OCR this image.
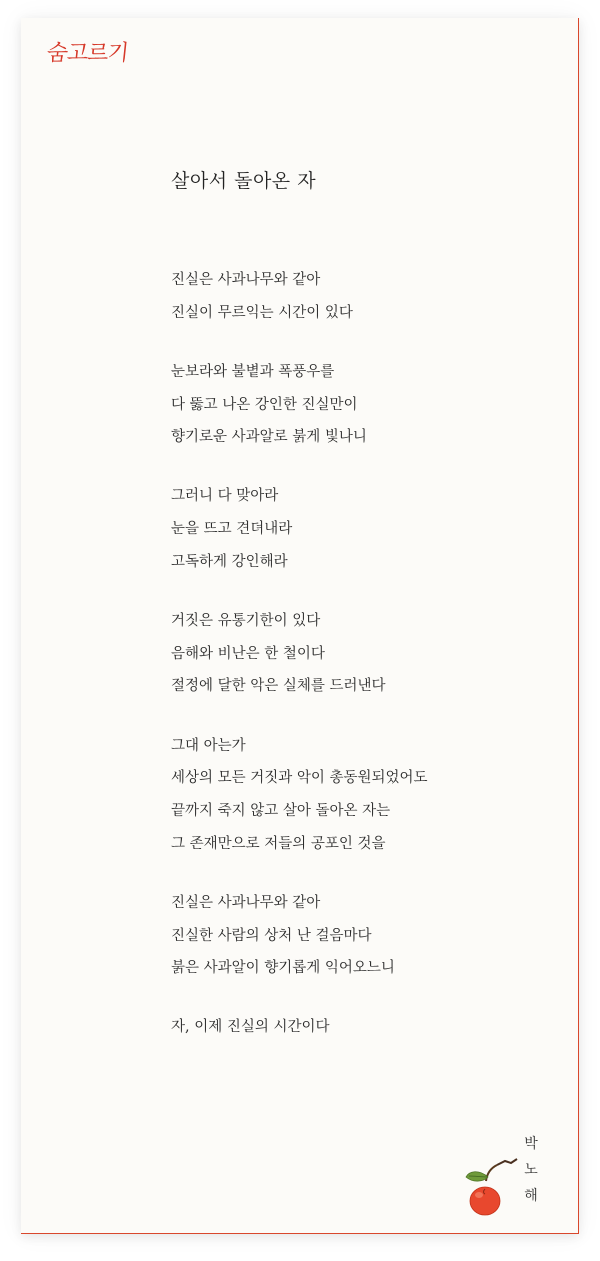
숨고르기
살아서 돌아온 자
진실은 사과나무와 같아
진실이 무르익는 시간이 있다
눈보라와 불볕과 폭풍우를
다 뚫고 나온 강인한 진실만이
향기로운 사과알로 붉게 빛나니
그러니 다 맞아라
눈을 뜨고 견뎌내라
고독하게 강인해라
거짓은 유통기한이 있다
음해와 비난은 한 철이다
절정에 달한 악은 실체를 드러낸다
그대 아는가
세상의 모든 거짓과 악이 총동원되었어도
끝까지 죽지 않고 살아 돌아온 자는
그 존재만으로 저들의 공포인 것을
진실은 사과나무와 같아
진실한 사람의 상처 난 걸음마다
붉은 사과알이 향기롭게 익어오느니
자, 이제 진실의 시간이다
박
노
해
